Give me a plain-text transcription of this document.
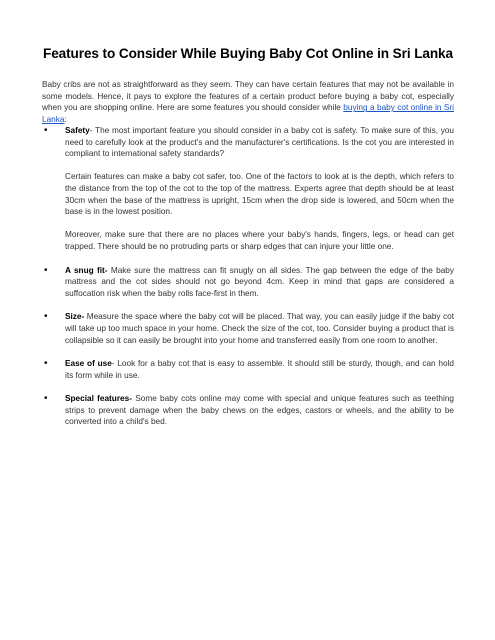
Features to Consider While Buying Baby Cot Online in Sri Lanka

Baby cribs are not as straightforward as they seem. They can have certain features that may not be available in some models. Hence, it pays to explore the features of a certain product before buying a baby cot, especially when you are shopping online. Here are some features you should consider while buying a baby cot online in Sri Lanka:

• Safety- The most important feature you should consider in a baby cot is safety. To make sure of this, you need to carefully look at the product's and the manufacturer's certifications. Is the cot you are interested in compliant to international safety standards?

Certain features can make a baby cot safer, too. One of the factors to look at is the depth, which refers to the distance from the top of the cot to the top of the mattress. Experts agree that depth should be at least 30cm when the base of the mattress is upright, 15cm when the drop side is lowered, and 50cm when the base is in the lowest position.

Moreover, make sure that there are no places where your baby's hands, fingers, legs, or head can get trapped. There should be no protruding parts or sharp edges that can injure your little one.

• A snug fit- Make sure the mattress can fit snugly on all sides. The gap between the edge of the baby mattress and the cot sides should not go beyond 4cm. Keep in mind that gaps are considered a suffocation risk when the baby rolls face-first in them.

• Size- Measure the space where the baby cot will be placed. That way, you can easily judge if the baby cot will take up too much space in your home. Check the size of the cot, too. Consider buying a product that is collapsible so it can easily be brought into your home and transferred easily from one room to another.

• Ease of use- Look for a baby cot that is easy to assemble. It should still be sturdy, though, and can hold its form while in use.

• Special features- Some baby cots online may come with special and unique features such as teething strips to prevent damage when the baby chews on the edges, castors or wheels, and the ability to be converted into a child's bed.
